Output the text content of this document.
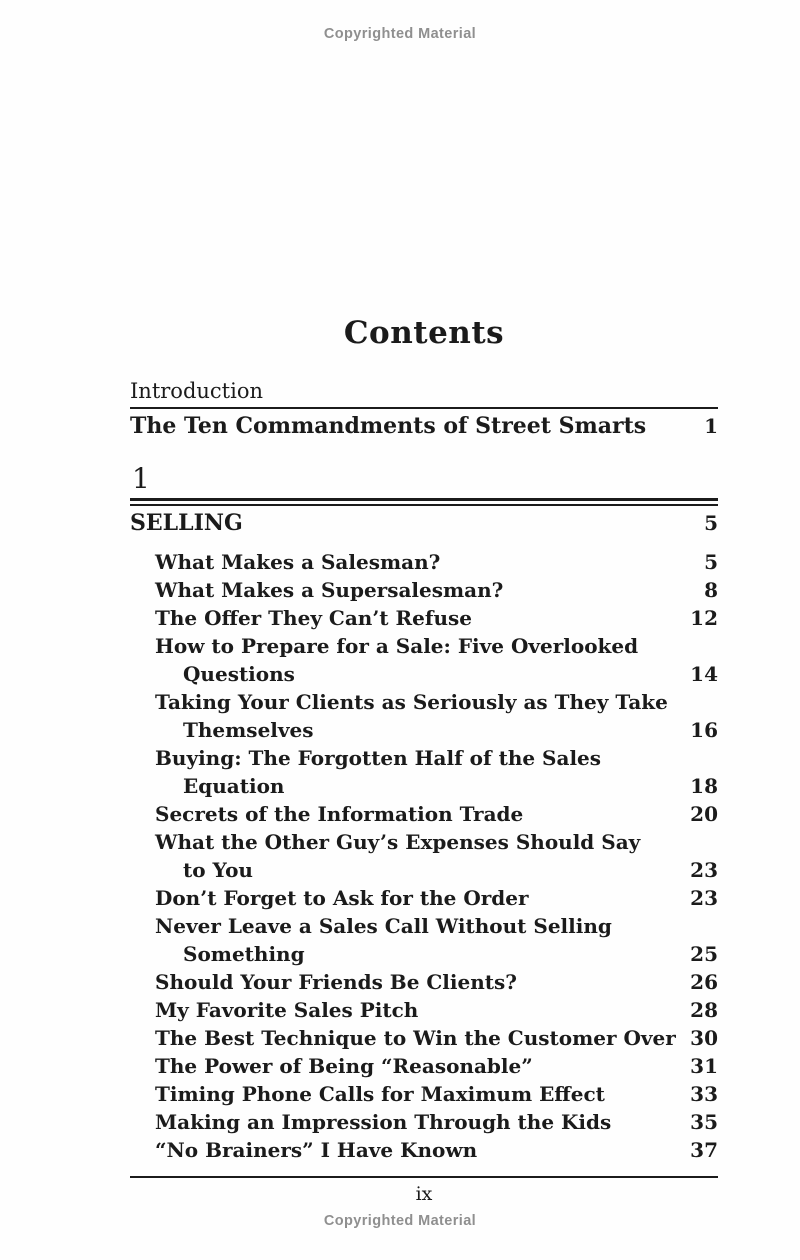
Copyrighted Material
Contents
Introduction
The Ten Commandments of Street Smarts	1
1
SELLING	5
What Makes a Salesman?	5
What Makes a Supersalesman?	8
The Offer They Can’t Refuse	12
How to Prepare for a Sale: Five Overlooked
Questions	14
Taking Your Clients as Seriously as They Take
Themselves	16
Buying: The Forgotten Half of the Sales
Equation	18
Secrets of the Information Trade	20
What the Other Guy’s Expenses Should Say
to You	23
Don’t Forget to Ask for the Order	23
Never Leave a Sales Call Without Selling
Something	25
Should Your Friends Be Clients?	26
My Favorite Sales Pitch	28
The Best Technique to Win the Customer Over 30
The Power of Being “Reasonable”	31
Timing Phone Calls for Maximum Effect	33
Making an Impression Through the Kids	35
“No Brainers” I Have Known	37
ix
Copyrighted Material
